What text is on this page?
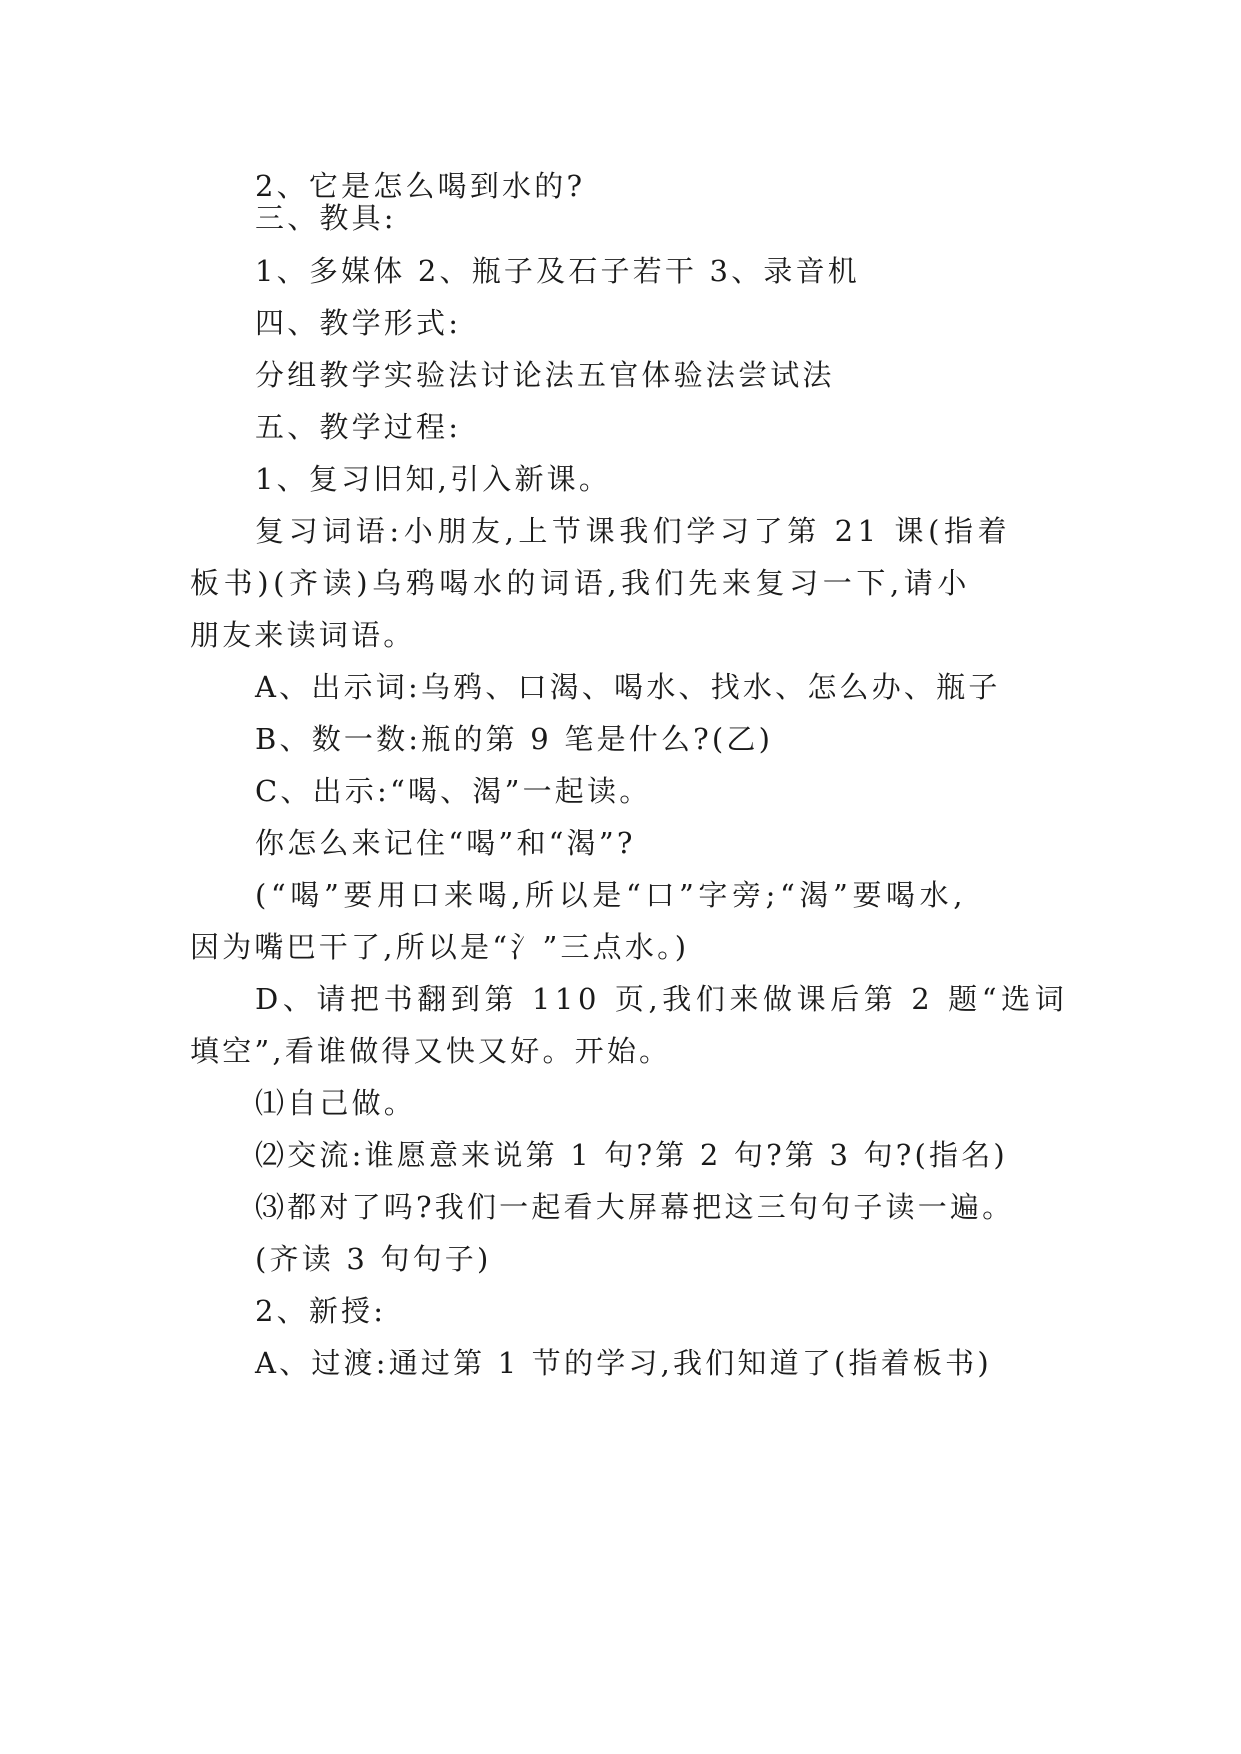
2、它是怎么喝到水的?
三、教具:
1、多媒体 2、瓶子及石子若干 3、录音机
四、教学形式:
分组教学实验法讨论法五官体验法尝试法
五、教学过程:
1、复习旧知,引入新课。
复习词语:小朋友,上节课我们学习了第 21 课(指着
板书)(齐读)乌鸦喝水的词语,我们先来复习一下,请小
朋友来读词语。
A、出示词:乌鸦、口渴、喝水、找水、怎么办、瓶子
B、数一数:瓶的第 9 笔是什么?(乙)
C、出示:“喝、渴”一起读。
你怎么来记住“喝”和“渴”?
(“喝”要用口来喝,所以是“口”字旁;“渴”要喝水,
因为嘴巴干了,所以是“氵”三点水。)
D、请把书翻到第 110 页,我们来做课后第 2 题“选词
填空”,看谁做得又快又好。开始。
⑴自己做。
⑵交流:谁愿意来说第 1 句?第 2 句?第 3 句?(指名)
⑶都对了吗?我们一起看大屏幕把这三句句子读一遍。
(齐读 3 句句子)
2、新授:
A、过渡:通过第 1 节的学习,我们知道了(指着板书)
